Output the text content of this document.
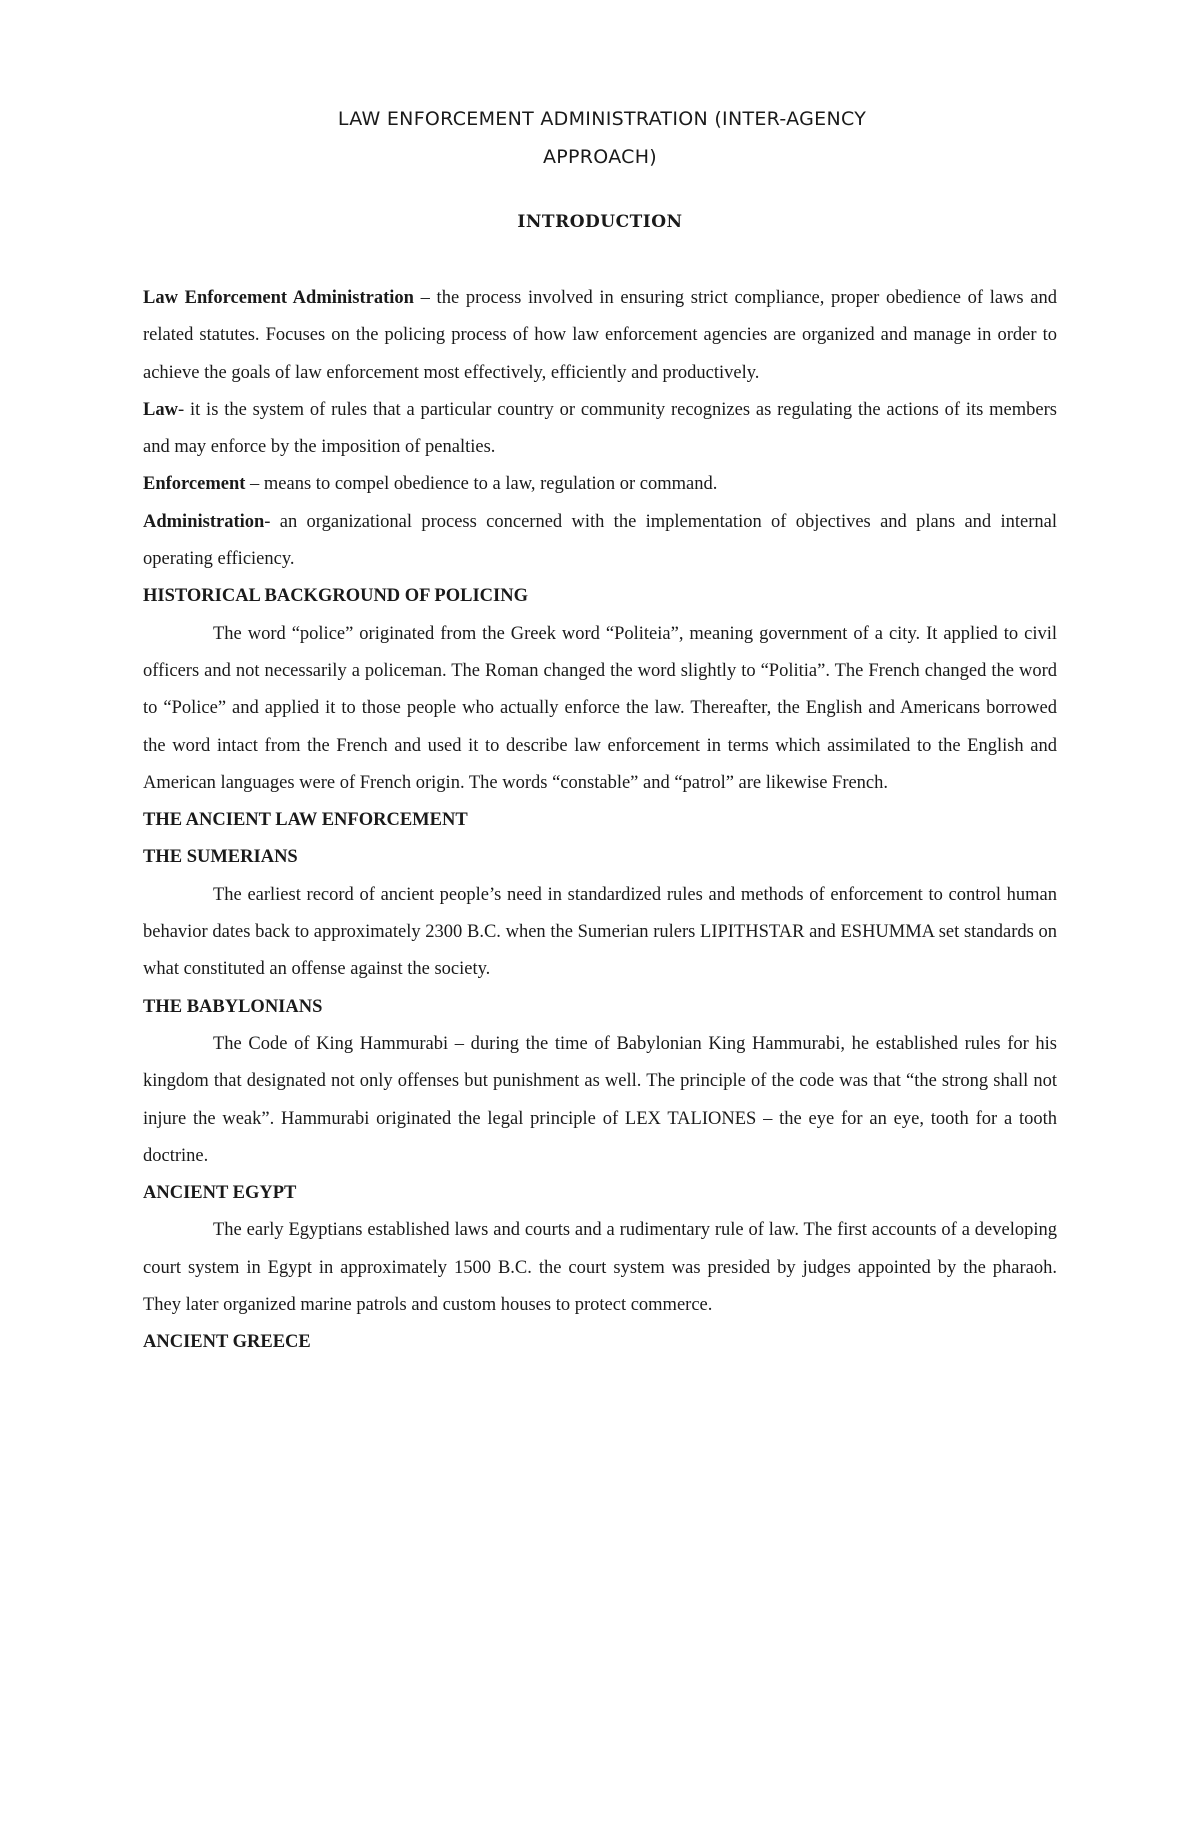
LAW ENFORCEMENT ADMINISTRATION (INTER-AGENCY
APPROACH)
INTRODUCTION

Law Enforcement Administration – the process involved in ensuring strict compliance, proper obedience of laws and related statutes. Focuses on the policing process of how law enforcement agencies are organized and manage in order to achieve the goals of law enforcement most effectively, efficiently and productively.

Law- it is the system of rules that a particular country or community recognizes as regulating the actions of its members and may enforce by the imposition of penalties.

Enforcement – means to compel obedience to a law, regulation or command.

Administration- an organizational process concerned with the implementation of objectives and plans and internal operating efficiency.

HISTORICAL BACKGROUND OF POLICING

The word “police” originated from the Greek word “Politeia”, meaning government of a city. It applied to civil officers and not necessarily a policeman. The Roman changed the word slightly to “Politia”. The French changed the word to “Police” and applied it to those people who actually enforce the law. Thereafter, the English and Americans borrowed the word intact from the French and used it to describe law enforcement in terms which assimilated to the English and American languages were of French origin. The words “constable” and “patrol” are likewise French.

THE ANCIENT LAW ENFORCEMENT
THE SUMERIANS

The earliest record of ancient people’s need in standardized rules and methods of enforcement to control human behavior dates back to approximately 2300 B.C. when the Sumerian rulers LIPITHSTAR and ESHUMMA set standards on what constituted an offense against the society.

THE BABYLONIANS

The Code of King Hammurabi – during the time of Babylonian King Hammurabi, he established rules for his kingdom that designated not only offenses but punishment as well. The principle of the code was that “the strong shall not injure the weak”. Hammurabi originated the legal principle of LEX TALIONES – the eye for an eye, tooth for a tooth doctrine.

ANCIENT EGYPT

The early Egyptians established laws and courts and a rudimentary rule of law. The first accounts of a developing court system in Egypt in approximately 1500 B.C. the court system was presided by judges appointed by the pharaoh. They later organized marine patrols and custom houses to protect commerce.

ANCIENT GREECE
